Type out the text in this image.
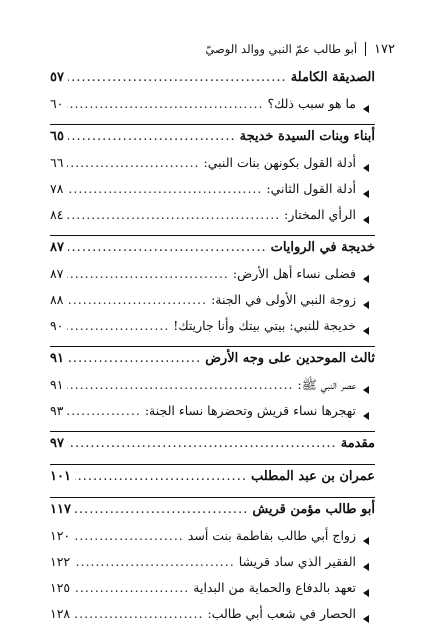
١٧٢
أبو طالب عمّ النبي ووالد الوصيّ
الصديقة الكاملة
.....
٥٧
ما هو سبب ذلك؟
.....
٦٠
أبناء وبنات السيدة خديجة
.....
٦٥
أدلة القول بكونهن بنات النبي:
.....
٦٦
أدلة القول الثاني:
.....
٧٨
الرأي المختار:
.....
٨٤
خديجة في الروايات
.....
٨٧
فضلى نساء أهل الأرض:
.....
٨٧
زوجة النبي الأولى في الجنة:
.....
٨٨
خديجة للنبي: بيتي بيتك وأنا جاريتك!
.....
٩٠
ثالث الموحدين على وجه الأرض
.....
٩١
عصر النبي ﷺ:
.....
٩١
تهجرها نساء قريش وتحضرها نساء الجنة:
.....
٩٣
مقدمة
.....
٩٧
عمران بن عبد المطلب
.....
١٠١
أبو طالب مؤمن قريش
.....
١١٧
زواج أبي طالب بفاطمة بنت أسد
.....
١٢٠
الفقير الذي ساد قريشا
.....
١٢٢
تعهد بالدفاع والحماية من البداية
.....
١٢٥
الحصار في شعب أبي طالب:
.....
١٢٨
